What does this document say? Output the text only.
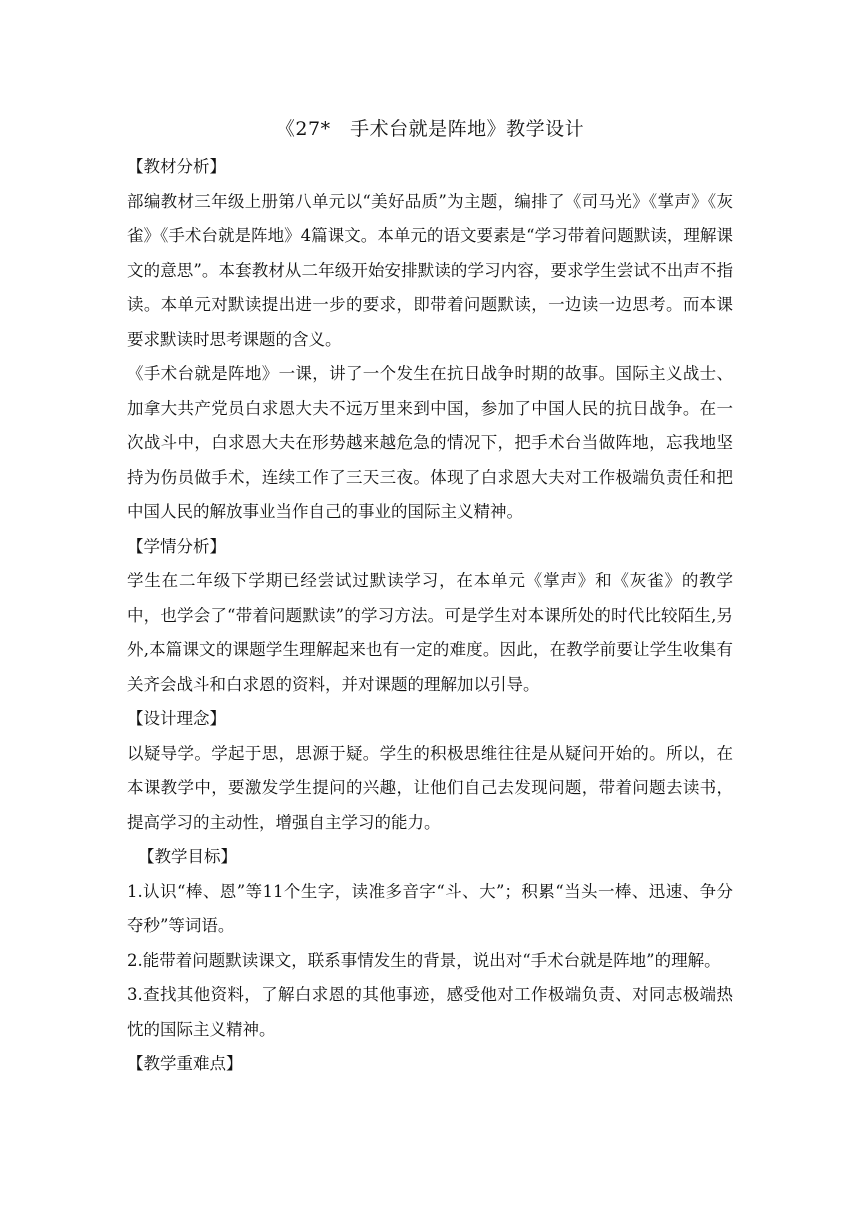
《27*　手术台就是阵地》教学设计
【教材分析】

部编教材三年级上册第八单元以“美好品质”为主题，编排了《司马光》《掌声》《灰雀》《手术台就是阵地》4篇课文。本单元的语文要素是“学习带着问题默读，理解课文的意思”。本套教材从二年级开始安排默读的学习内容，要求学生尝试不出声不指读。本单元对默读提出进一步的要求，即带着问题默读，一边读一边思考。而本课要求默读时思考课题的含义。

《手术台就是阵地》一课，讲了一个发生在抗日战争时期的故事。国际主义战士、加拿大共产党员白求恩大夫不远万里来到中国，参加了中国人民的抗日战争。在一次战斗中，白求恩大夫在形势越来越危急的情况下，把手术台当做阵地，忘我地坚持为伤员做手术，连续工作了三天三夜。体现了白求恩大夫对工作极端负责任和把中国人民的解放事业当作自己的事业的国际主义精神。

【学情分析】

学生在二年级下学期已经尝试过默读学习，在本单元《掌声》和《灰雀》的教学中，也学会了“带着问题默读”的学习方法。可是学生对本课所处的时代比较陌生,另外,本篇课文的课题学生理解起来也有一定的难度。因此，在教学前要让学生收集有关齐会战斗和白求恩的资料，并对课题的理解加以引导。

【设计理念】

以疑导学。学起于思，思源于疑。学生的积极思维往往是从疑问开始的。所以，在本课教学中，要激发学生提问的兴趣，让他们自己去发现问题，带着问题去读书，提高学习的主动性，增强自主学习的能力。

【教学目标】

1.认识“棒、恩”等11个生字，读准多音字“斗、大”；积累“当头一棒、迅速、争分夺秒”等词语。

2.能带着问题默读课文，联系事情发生的背景，说出对“手术台就是阵地”的理解。

3.查找其他资料，了解白求恩的其他事迹，感受他对工作极端负责、对同志极端热忱的国际主义精神。

【教学重难点】
